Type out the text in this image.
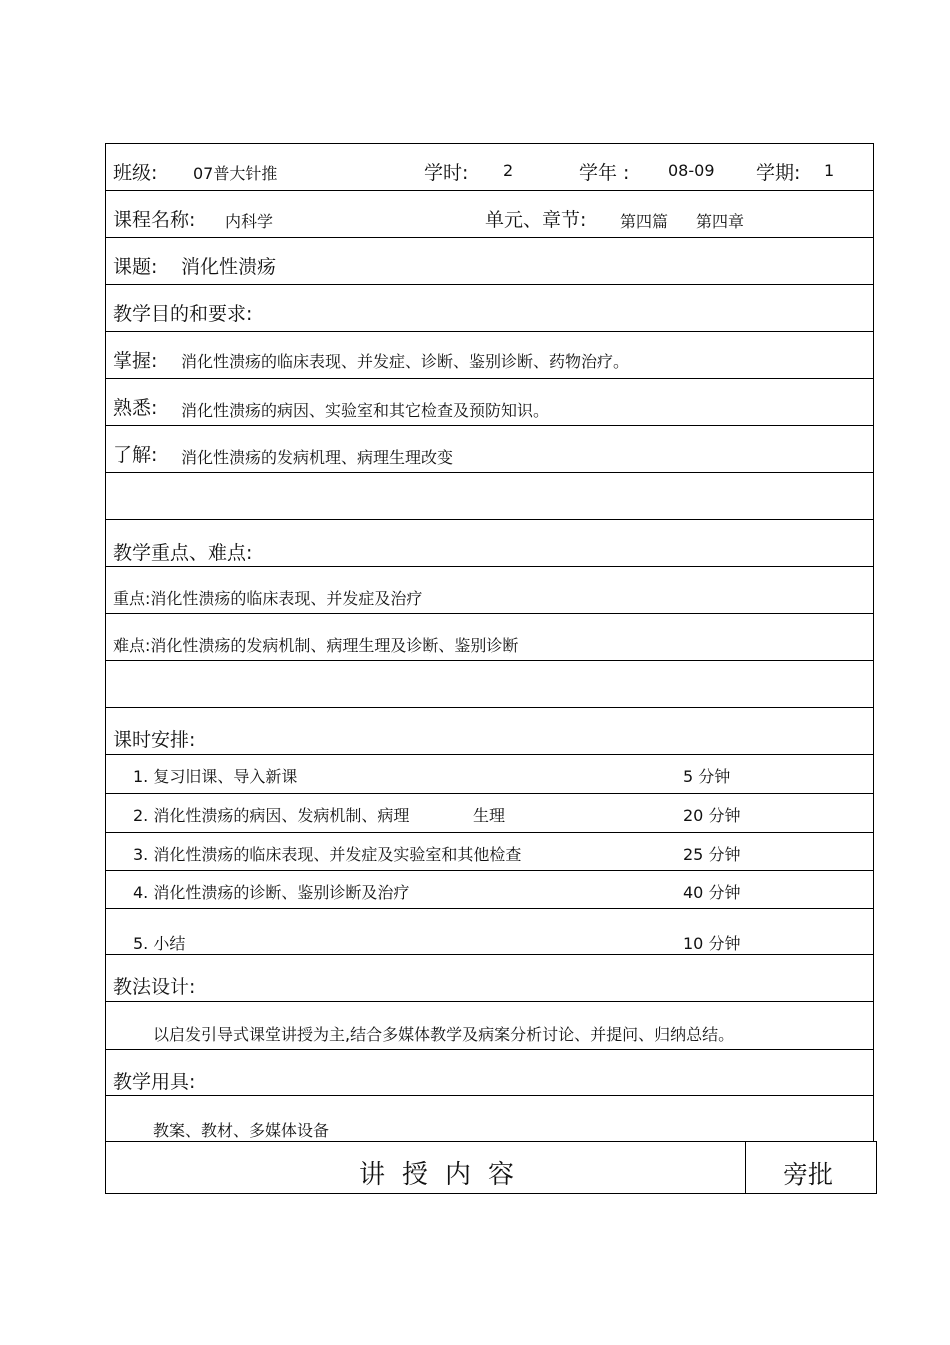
班级: 07普大针推	学时: 2	学年 : 08-09 学期: 1
课程名称: 内科学	单元、章节: 第四篇 第四章
课题: 消化性溃疡
教学目的和要求:
掌握: 消化性溃疡的临床表现、并发症、诊断、鉴别诊断、药物治疗。
熟悉: 消化性溃疡的病因、实验室和其它检查及预防知识。
了解: 消化性溃疡的发病机理、病理生理改变
教学重点、难点:
重点:消化性溃疡的临床表现、并发症及治疗
难点:消化性溃疡的发病机制、病理生理及诊断、鉴别诊断
课时安排:
1. 复习旧课、导入新课	5 分钟
2. 消化性溃疡的病因、发病机制、病理	生理	20 分钟
3. 消化性溃疡的临床表现、并发症及实验室和其他检查	25 分钟
4. 消化性溃疡的诊断、鉴别诊断及治疗	40 分钟
5. 小结	10 分钟
教法设计:
以启发引导式课堂讲授为主,结合多媒体教学及病案分析讨论、并提问、归纳总结。
教学用具:
教案、教材、多媒体设备
讲授内容	旁批
